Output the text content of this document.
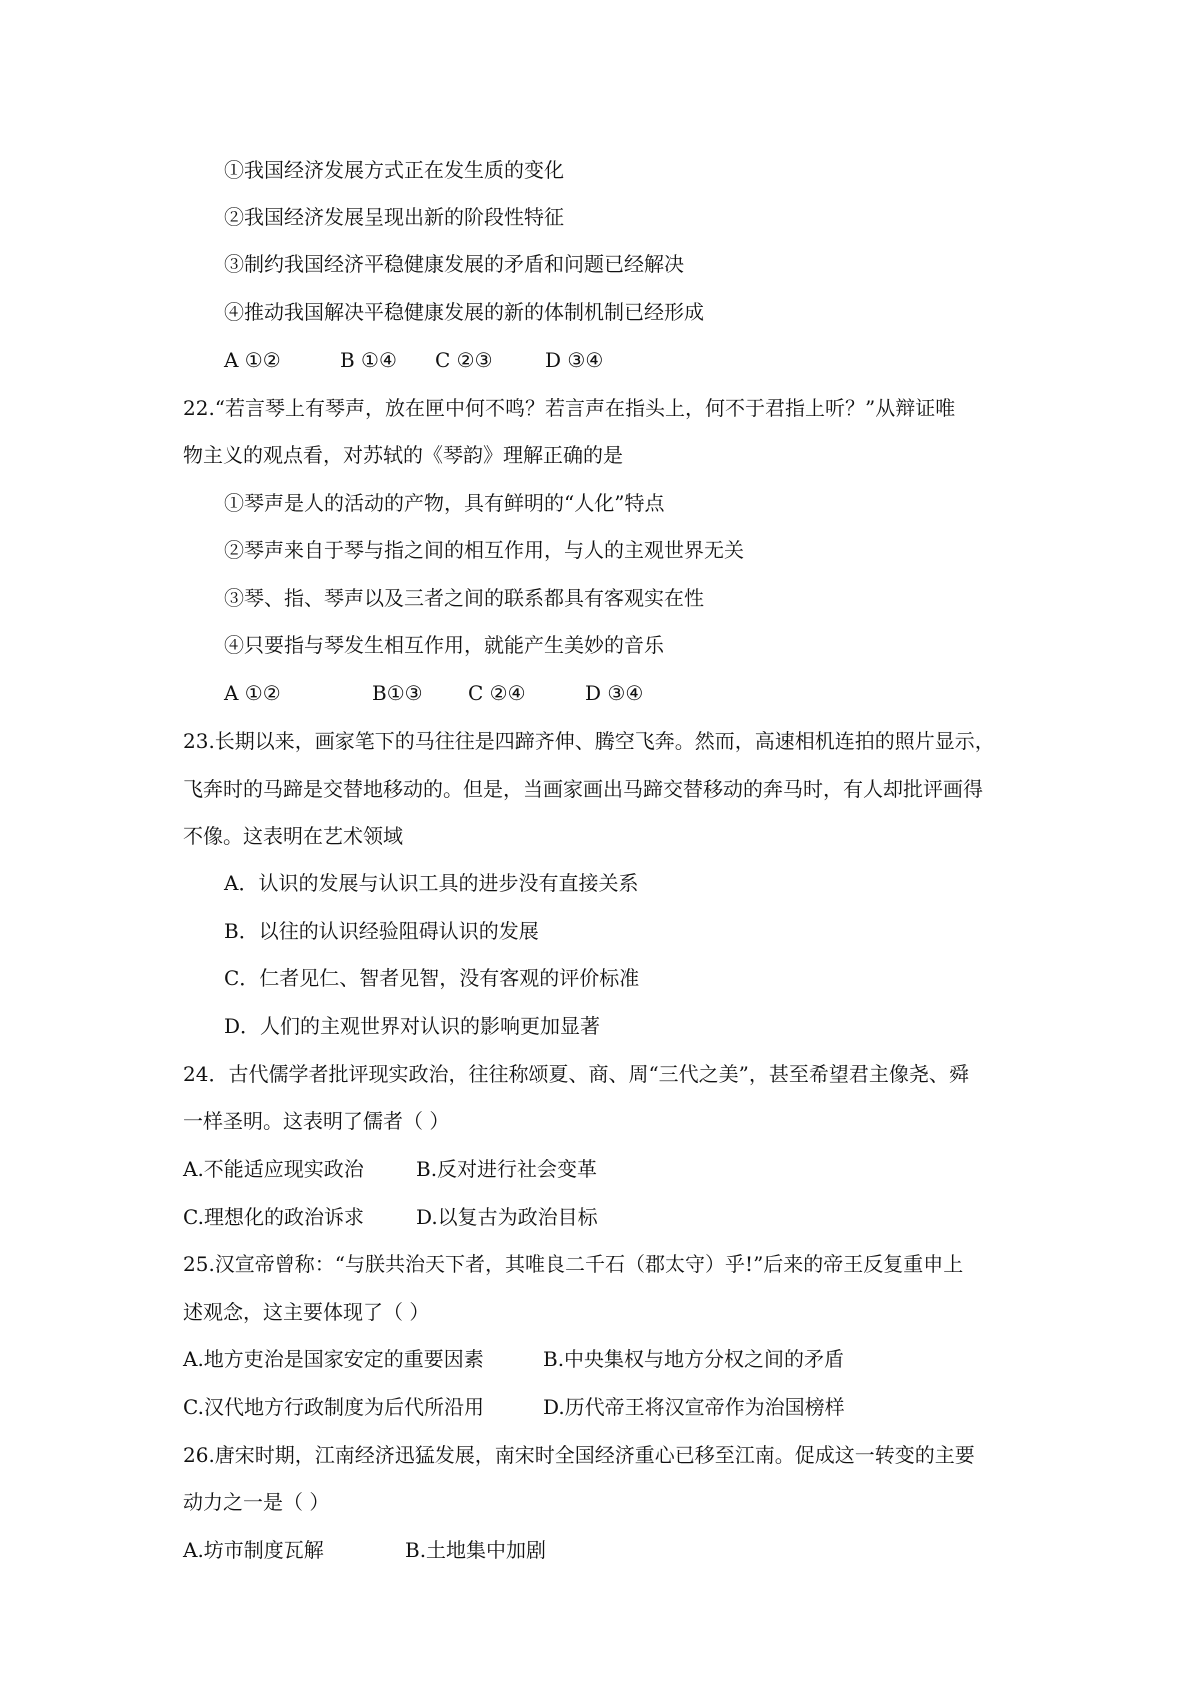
①我国经济发展方式正在发生质的变化
②我国经济发展呈现出新的阶段性特征
③制约我国经济平稳健康发展的矛盾和问题已经解决
④推动我国解决平稳健康发展的新的体制机制已经形成
A ①②	B ①④ C ②③	D ③④
22.“若言琴上有琴声，放在匣中何不鸣？若言声在指头上，何不于君指上听？”从辩证唯
物主义的观点看，对苏轼的《琴韵》理解正确的是
①琴声是人的活动的产物，具有鲜明的“人化”特点
②琴声来自于琴与指之间的相互作用，与人的主观世界无关
③琴、指、琴声以及三者之间的联系都具有客观实在性
④只要指与琴发生相互作用，就能产生美妙的音乐
A ①②	B①③ C ②④	D ③④
23.长期以来，画家笔下的马往往是四蹄齐伸、腾空飞奔。然而，高速相机连拍的照片显示，
飞奔时的马蹄是交替地移动的。但是，当画家画出马蹄交替移动的奔马时，有人却批评画得
不像。这表明在艺术领域
A．认识的发展与认识工具的进步没有直接关系
B．以往的认识经验阻碍认识的发展
C．仁者见仁、智者见智，没有客观的评价标准
D．人们的主观世界对认识的影响更加显著
24．古代儒学者批评现实政治，往往称颂夏、商、周“三代之美”，甚至希望君主像尧、舜
一样圣明。这表明了儒者（ ）
A.不能适应现实政治	B.反对进行社会变革
C.理想化的政治诉求	D.以复古为政治目标
25.汉宣帝曾称：“与朕共治天下者，其唯良二千石（郡太守）乎!”后来的帝王反复重申上
述观念，这主要体现了（ ）
A.地方吏治是国家安定的重要因素	B.中央集权与地方分权之间的矛盾
C.汉代地方行政制度为后代所沿用	D.历代帝王将汉宣帝作为治国榜样
26.唐宋时期，江南经济迅猛发展，南宋时全国经济重心已移至江南。促成这一转变的主要
动力之一是（ ）
A.坊市制度瓦解	B.土地集中加剧
